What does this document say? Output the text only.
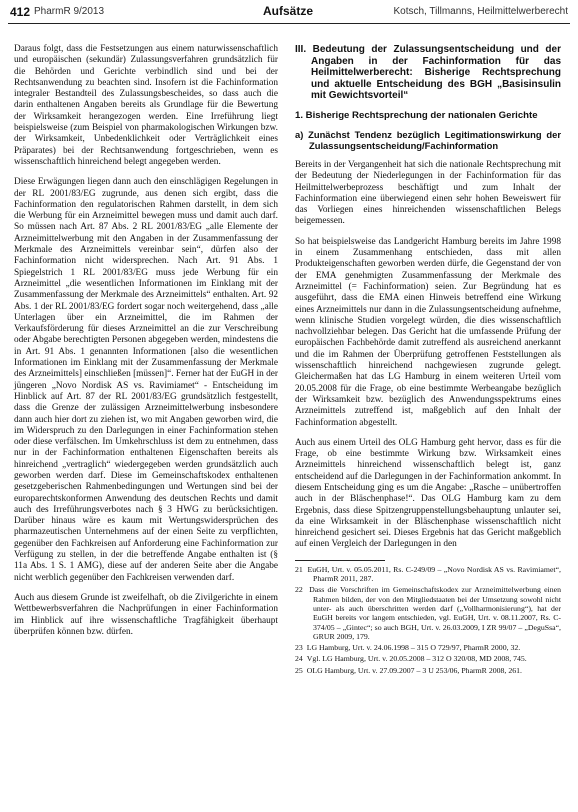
412 PharmR 9/2013	Aufsätze	Kotsch, Tillmanns, Heilmittelwerberecht

Daraus folgt, dass die Festsetzungen aus einem naturwissenschaftlich und europäischen (sekundär) Zulassungsverfahren grundsätzlich für die Behörden und Gerichte verbindlich sind und bei der Rechtsanwendung zu beachten sind. Insofern ist die Fachinformation integraler Bestandteil des Zulassungsbescheides, so dass auch die darin enthaltenen Angaben bereits als Grundlage für die Bewertung der Wirksamkeit herangezogen werden. Eine Irreführung liegt beispielsweise (zum Beispiel von pharmakologischen Wirkungen bzw. der Wirksamkeit, Unbedenklichkeit oder Verträglichkeit eines Präparates) bei der Rechtsanwendung fortgeschrieben, wenn es wissenschaftlich hinreichend belegt angegeben werden.

Diese Erwägungen liegen dann auch den einschlägigen Regelungen in der RL 2001/83/EG zugrunde, aus denen sich ergibt, dass die Fachinformation den regulatorischen Rahmen darstellt, in dem sich die Werbung für ein Arzneimittel bewegen muss und damit auch darf. So müssen nach Art. 87 Abs. 2 RL 2001/83/EG „alle Elemente der Arzneimittelwerbung mit den Angaben in der Zusammenfassung der Merkmale des Arzneimittels vereinbar sein“, dürfen also der Fachinformation nicht widersprechen. Nach Art. 91 Abs. 1 Spiegelstrich 1 RL 2001/83/EG muss jede Werbung für ein Arzneimittel „die wesentlichen Informationen im Einklang mit der Zusammenfassung der Merkmale des Arzneimittels“ enthalten. Art. 92 Abs. 1 der RL 2001/83/EG fordert sogar noch weitergehend, dass „alle Unterlagen über ein Arzneimittel, die im Rahmen der Verkaufsförderung für dieses Arzneimittel an die zur Verschreibung oder Abgabe berechtigten Personen abgegeben werden, mindestens die in Art. 91 Abs. 1 genannten Informationen [also die wesentlichen Informationen im Einklang mit der Zusammenfassung der Merkmale des Arzneimittels] einschließen [müssen]“. Ferner hat der EuGH in der jüngeren „Novo Nordisk AS vs. Ravimiamet“ - Entscheidung im Hinblick auf Art. 87 der RL 2001/83/EG grundsätzlich festgestellt, dass die Grenze der zulässigen Arzneimittelwerbung insbesondere dann auch hier dort zu ziehen ist, wo mit Angaben geworben wird, die im Widerspruch zu den Darlegungen in einer Fachinformation stehen oder diese verfälschen. Im Umkehrschluss ist dem zu entnehmen, dass nur in der Fachinformation enthaltenen Eigenschaften bereits als hinreichend „vertraglich“ wiedergegeben werden grundsätzlich auch geworben werden darf. Diese im Gemeinschaftskodex enthaltenen gesetzgeberischen Rahmenbedingungen und Wertungen sind bei der europarechtskonformen Anwendung des deutschen Rechts und damit auch des Irreführungsverbotes nach § 3 HWG zu berücksichtigen. Darüber hinaus wäre es kaum mit Wertungswidersprüchen des pharmazeutischen Unternehmens auf der einen Seite zu verpflichten, gegenüber den Fachkreisen auf Anforderung eine Fachinformation zur Verfügung zu stellen, in der die betreffende Angabe enthalten ist (§ 11a Abs. 1 S. 1 AMG), diese auf der anderen Seite aber die Angabe nicht werblich gegenüber den Fachkreisen verwenden darf.

Auch aus diesem Grunde ist zweifelhaft, ob die Zivilgerichte in einem Wettbewerbsverfahren die Nachprüfungen in einer Fachinformation im Hinblick auf ihre wissenschaftliche Tragfähigkeit überhaupt überprüfen können bzw. dürfen.

III. Bedeutung der Zulassungsentscheidung und der Angaben in der Fachinformation für das Heilmittelwerberecht: Bisherige Rechtsprechung und aktuelle Entscheidung des BGH „Basisinsulin mit Gewichtsvorteil“
1. Bisherige Rechtsprechung der nationalen Gerichte
a) Zunächst Tendenz bezüglich Legitimationswirkung der Zulassungsentscheidung/Fachinformation

Bereits in der Vergangenheit hat sich die nationale Rechtsprechung mit der Bedeutung der Niederlegungen in der Fachinformation für das Heilmittelwerbeprozess beschäftigt und zum Inhalt der Fachinformation eine überwiegend einen sehr hohen Beweiswert für das Vorliegen eines hinreichenden wissenschaftlichen Belegs beigemessen.

So hat beispielsweise das Landgericht Hamburg bereits im Jahre 1998 in einem Zusammenhang entschieden, dass mit allen Produkteigenschaften geworben werden dürfe, die Gegenstand der von der EMA genehmigten Zusammenfassung der Merkmale des Arzneimittel (= Fachinformation) seien. Zur Begründung hat es ausgeführt, dass die EMA einen Hinweis betreffend eine Wirkung eines Arzneimittels nur dann in die Zulassungsentscheidung aufnehme, wenn klinische Studien vorgelegt würden, die dies wissenschaftlich nachvollziehbar belegen. Das Gericht hat die umfassende Prüfung der europäischen Fachbehörde damit zutreffend als ausreichend anerkannt und die im Rahmen der Überprüfung getroffenen Feststellungen als wissenschaftlich hinreichend nachgewiesen zugrunde gelegt. Gleichermaßen hat das LG Hamburg in einem weiteren Urteil vom 20.05.2008 für die Frage, ob eine bestimmte Werbeangabe bezüglich der Wirksamkeit bzw. bezüglich des Anwendungsspektrums eines Arzneimittels zutreffend ist, maßgeblich auf den Inhalt der Fachinformation abgestellt.

Auch aus einem Urteil des OLG Hamburg geht hervor, dass es für die Frage, ob eine bestimmte Wirkung bzw. Wirksamkeit eines Arzneimittels hinreichend wissenschaftlich belegt ist, ganz entscheidend auf die Darlegungen in der Fachinformation ankommt. In diesem Entscheidung ging es um die Angabe: „Rasche – unübertroffen auch in der Bläschenphase!“. Das OLG Hamburg kam zu dem Ergebnis, dass diese Spitzengruppenstellungsbehauptung unlauter sei, da eine Wirksamkeit in der Bläschenphase wissenschaftlich nicht hinreichend gesichert sei. Dieses Ergebnis hat das Gericht maßgeblich auf einen Vergleich der Darlegungen in den

21 EuGH, Urt. v. 05.05.2011, Rs. C-249/09 – „Novo Nordisk AS vs. Ravimiamet“, PharmR 2011, 287.
22 Dass die Vorschriften im Gemeinschaftskodex zur Arzneimittelwerbung einen Rahmen bilden, der von den Mitgliedstaaten bei der Umsetzung sowohl nicht unter- als auch überschritten werden darf („Vollharmonisierung“), hat der EuGH bereits vor langem entschieden, vgl. EuGH, Urt. v. 08.11.2007, Rs. C-374/05 – „Gintec“; so auch BGH, Urt. v. 26.03.2009, I ZR 99/07 – „DeguSsa“, GRUR 2009, 179.
23 LG Hamburg, Urt. v. 24.06.1998 – 315 O 729/97, PharmR 2000, 32.
24 Vgl. LG Hamburg, Urt. v. 20.05.2008 – 312 O 320/08, MD 2008, 745.
25 OLG Hamburg, Urt. v. 27.09.2007 – 3 U 253/06, PharmR 2008, 261.
